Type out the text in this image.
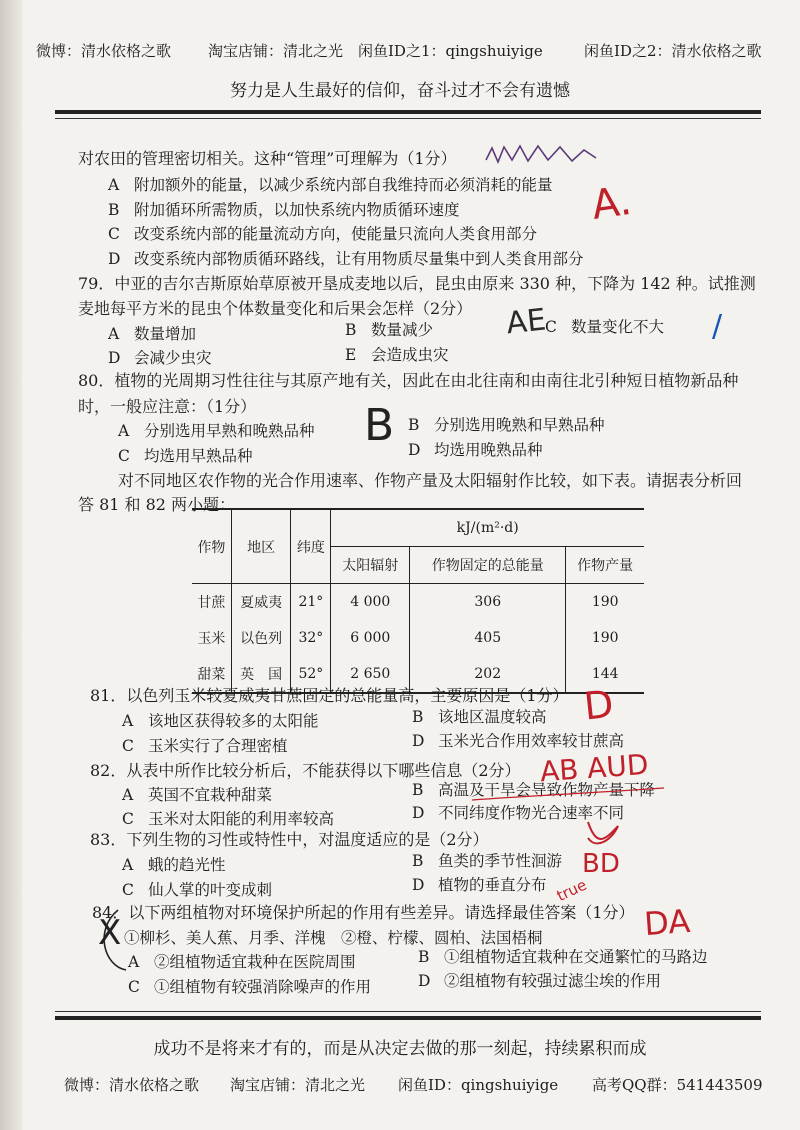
微博：清水依格之歌 淘宝店铺：清北之光 闲鱼ID之1：qingshuiyige	闲鱼ID之2：清水依格之歌
努力是人生最好的信仰，奋斗过才不会有遗憾
对农田的管理密切相关。这种“管理”可理解为（1分）
A 附加额外的能量，以减少系统内部自我维持而必须消耗的能量
B 附加循环所需物质，以加快系统内物质循环速度
C 改变系统内部的能量流动方向，使能量只流向人类食用部分
D 改变系统内部物质循环路线，让有用物质尽量集中到人类食用部分
79．中亚的吉尔吉斯原始草原被开垦成麦地以后，昆虫由原来 330 种，下降为 142 种。试推测
麦地每平方米的昆虫个体数量变化和后果会怎样（2分）
A 数量增加	B 数量减少	C 数量变化不大
D 会减少虫灾	E 会造成虫灾
80．植物的光周期习性往往与其原产地有关，因此在由北往南和由南往北引种短日植物新品种
时，一般应注意：（1分）
A 分别选用早熟和晚熟品种	B 分别选用晚熟和早熟品种
C 均选用早熟品种	D 均选用晚熟品种
对不同地区农作物的光合作用速率、作物产量及太阳辐射作比较，如下表。请据表分析回
答 81 和 82 两小题：
作物	地区	纬度	kJ/(m²·d)		
			太阳辐射	作物固定的总能量	作物产量
甘蔗	夏威夷	21°	4 000	306	190
玉米	以色列	32°	6 000	405	190
甜菜	英　国	52°	2 650	202	144
81．以色列玉米较夏威夷甘蔗固定的总能量高，主要原因是（1分）
A 该地区获得较多的太阳能	B 该地区温度较高
C 玉米实行了合理密植	D 玉米光合作用效率较甘蔗高
82．从表中所作比较分析后，不能获得以下哪些信息（2分）
A 英国不宜栽种甜菜	B 高温及干旱会导致作物产量下降
C 玉米对太阳能的利用率较高	D 不同纬度作物光合速率不同
83．下列生物的习性或特性中，对温度适应的是（2分）
A 蛾的趋光性	B 鱼类的季节性洄游
C 仙人掌的叶变成刺	D 植物的垂直分布
84．以下两组植物对环境保护所起的作用有些差异。请选择最佳答案（1分）
①柳杉、美人蕉、月季、洋槐　②橙、柠檬、圆柏、法国梧桐
A ②组植物适宜栽种在医院周围	B ①组植物适宜栽种在交通繁忙的马路边
C ①组植物有较强消除噪声的作用	D ②组植物有较强过滤尘埃的作用
成功不是将来才有的，而是从决定去做的那一刻起，持续累积而成
微博：清水依格之歌 淘宝店铺：清北之光 闲鱼ID：qingshuiyige 高考QQ群：541443509
A.
AE	/
B
D
AB AUD
BD
true
DA
X
